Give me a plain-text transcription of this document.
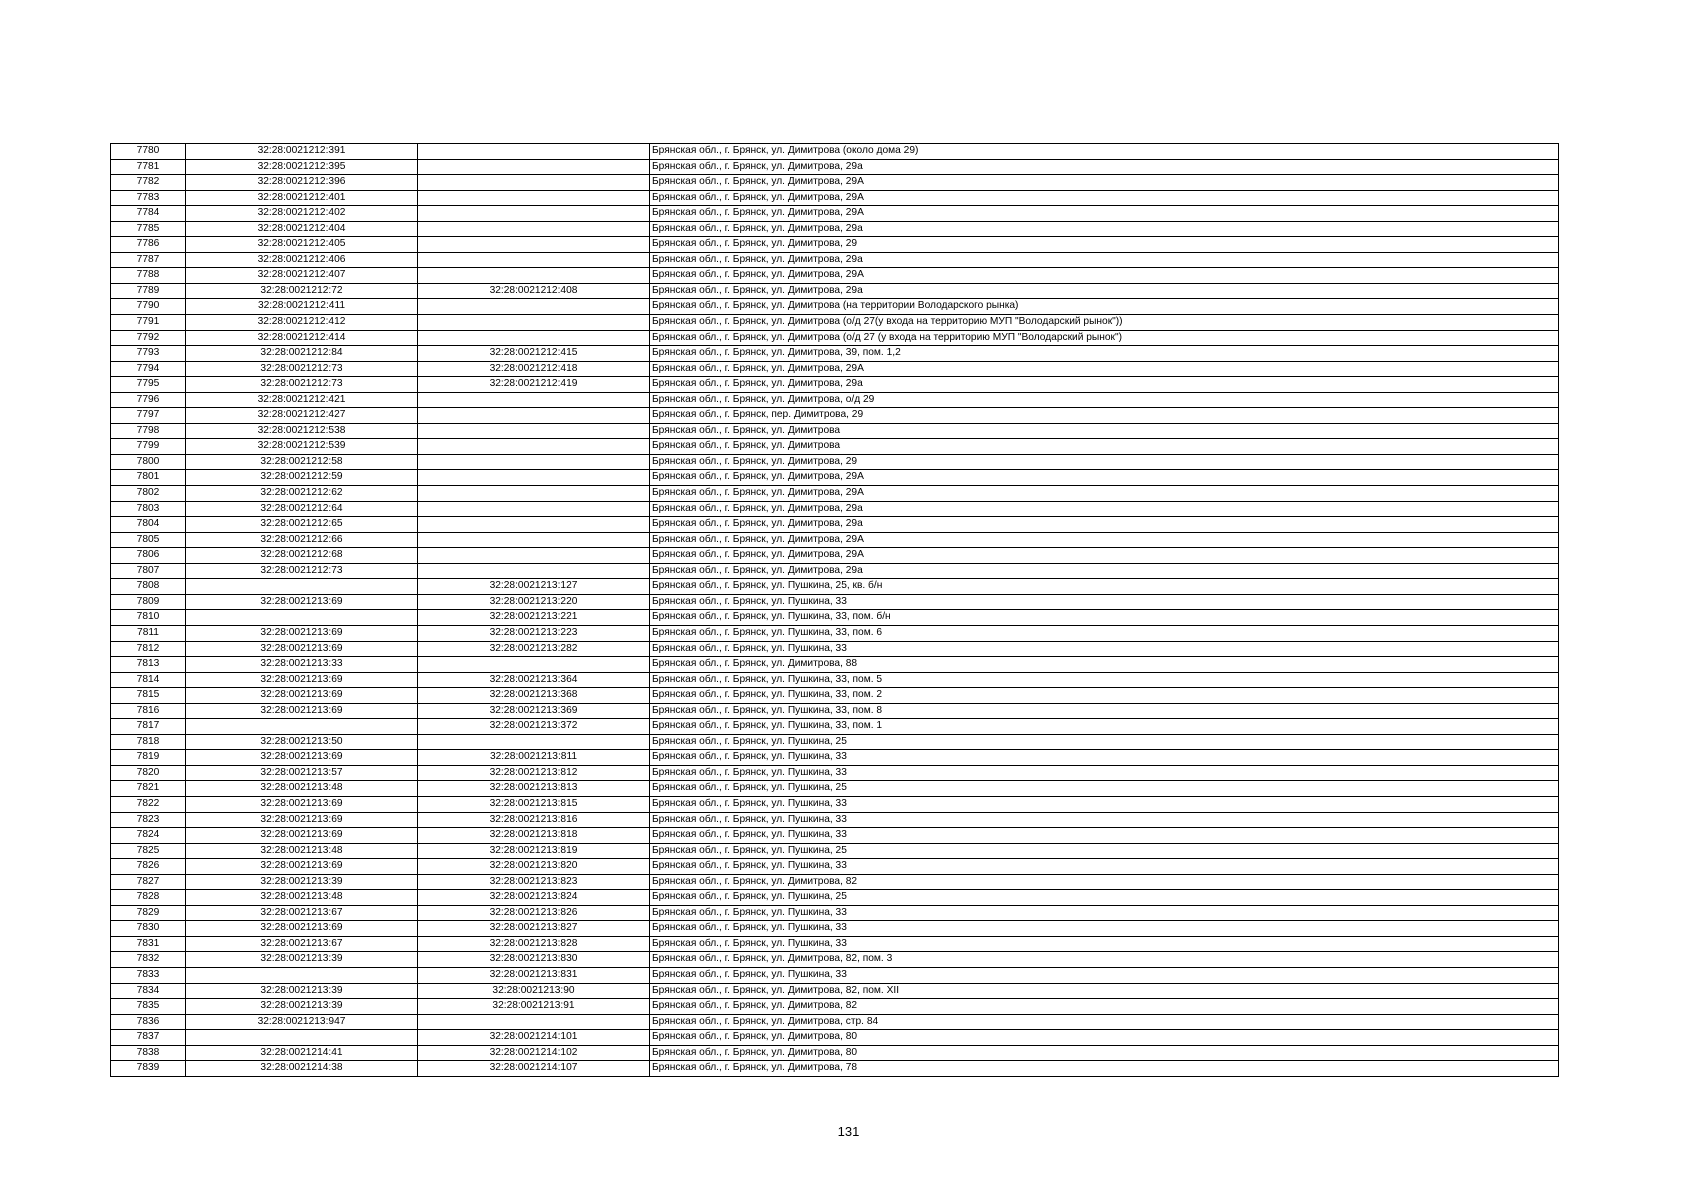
7780	32:28:0021212:391		Брянская обл., г. Брянск, ул. Димитрова (около дома 29)
7781	32:28:0021212:395		Брянская обл., г. Брянск, ул. Димитрова, 29а
7782	32:28:0021212:396		Брянская обл., г. Брянск, ул. Димитрова, 29А
7783	32:28:0021212:401		Брянская обл., г. Брянск, ул. Димитрова, 29А
7784	32:28:0021212:402		Брянская обл., г. Брянск, ул. Димитрова, 29А
7785	32:28:0021212:404		Брянская обл., г. Брянск, ул. Димитрова, 29а
7786	32:28:0021212:405		Брянская обл., г. Брянск, ул. Димитрова, 29
7787	32:28:0021212:406		Брянская обл., г. Брянск, ул. Димитрова, 29а
7788	32:28:0021212:407		Брянская обл., г. Брянск, ул. Димитрова, 29А
7789	32:28:0021212:72	32:28:0021212:408	Брянская обл., г. Брянск, ул. Димитрова, 29а
7790	32:28:0021212:411		Брянская обл., г. Брянск, ул. Димитрова (на территории Володарского рынка)
7791	32:28:0021212:412		Брянская обл., г. Брянск, ул. Димитрова (о/д 27(у входа на территорию МУП "Володарский рынок"))
7792	32:28:0021212:414		Брянская обл., г. Брянск, ул. Димитрова (о/д 27 (у входа на территорию МУП "Володарский рынок")
7793	32:28:0021212:84	32:28:0021212:415	Брянская обл., г. Брянск, ул. Димитрова, 39, пом. 1,2
7794	32:28:0021212:73	32:28:0021212:418	Брянская обл., г. Брянск, ул. Димитрова, 29А
7795	32:28:0021212:73	32:28:0021212:419	Брянская обл., г. Брянск, ул. Димитрова, 29а
7796	32:28:0021212:421		Брянская обл., г. Брянск, ул. Димитрова, о/д 29
7797	32:28:0021212:427		Брянская обл., г. Брянск, пер. Димитрова, 29
7798	32:28:0021212:538		Брянская обл., г. Брянск, ул. Димитрова
7799	32:28:0021212:539		Брянская обл., г. Брянск, ул. Димитрова
7800	32:28:0021212:58		Брянская обл., г. Брянск, ул. Димитрова, 29
7801	32:28:0021212:59		Брянская обл., г. Брянск, ул. Димитрова, 29А
7802	32:28:0021212:62		Брянская обл., г. Брянск, ул. Димитрова, 29А
7803	32:28:0021212:64		Брянская обл., г. Брянск, ул. Димитрова, 29а
7804	32:28:0021212:65		Брянская обл., г. Брянск, ул. Димитрова, 29а
7805	32:28:0021212:66		Брянская обл., г. Брянск, ул. Димитрова, 29А
7806	32:28:0021212:68		Брянская обл., г. Брянск, ул. Димитрова, 29А
7807	32:28:0021212:73		Брянская обл., г. Брянск, ул. Димитрова, 29а
7808		32:28:0021213:127	Брянская обл., г. Брянск, ул. Пушкина, 25, кв. б/н
7809	32:28:0021213:69	32:28:0021213:220	Брянская обл., г. Брянск, ул. Пушкина, 33
7810		32:28:0021213:221	Брянская обл., г. Брянск, ул. Пушкина, 33, пом. б/н
7811	32:28:0021213:69	32:28:0021213:223	Брянская обл., г. Брянск, ул. Пушкина, 33, пом. 6
7812	32:28:0021213:69	32:28:0021213:282	Брянская обл., г. Брянск, ул. Пушкина, 33
7813	32:28:0021213:33		Брянская обл., г. Брянск, ул. Димитрова, 88
7814	32:28:0021213:69	32:28:0021213:364	Брянская обл., г. Брянск, ул. Пушкина, 33, пом. 5
7815	32:28:0021213:69	32:28:0021213:368	Брянская обл., г. Брянск, ул. Пушкина, 33, пом. 2
7816	32:28:0021213:69	32:28:0021213:369	Брянская обл., г. Брянск, ул. Пушкина, 33, пом. 8
7817		32:28:0021213:372	Брянская обл., г. Брянск, ул. Пушкина, 33, пом. 1
7818	32:28:0021213:50		Брянская обл., г. Брянск, ул. Пушкина, 25
7819	32:28:0021213:69	32:28:0021213:811	Брянская обл., г. Брянск, ул. Пушкина, 33
7820	32:28:0021213:57	32:28:0021213:812	Брянская обл., г. Брянск, ул. Пушкина, 33
7821	32:28:0021213:48	32:28:0021213:813	Брянская обл., г. Брянск, ул. Пушкина, 25
7822	32:28:0021213:69	32:28:0021213:815	Брянская обл., г. Брянск, ул. Пушкина, 33
7823	32:28:0021213:69	32:28:0021213:816	Брянская обл., г. Брянск, ул. Пушкина, 33
7824	32:28:0021213:69	32:28:0021213:818	Брянская обл., г. Брянск, ул. Пушкина, 33
7825	32:28:0021213:48	32:28:0021213:819	Брянская обл., г. Брянск, ул. Пушкина, 25
7826	32:28:0021213:69	32:28:0021213:820	Брянская обл., г. Брянск, ул. Пушкина, 33
7827	32:28:0021213:39	32:28:0021213:823	Брянская обл., г. Брянск, ул. Димитрова, 82
7828	32:28:0021213:48	32:28:0021213:824	Брянская обл., г. Брянск, ул. Пушкина, 25
7829	32:28:0021213:67	32:28:0021213:826	Брянская обл., г. Брянск, ул. Пушкина, 33
7830	32:28:0021213:69	32:28:0021213:827	Брянская обл., г. Брянск, ул. Пушкина, 33
7831	32:28:0021213:67	32:28:0021213:828	Брянская обл., г. Брянск, ул. Пушкина, 33
7832	32:28:0021213:39	32:28:0021213:830	Брянская обл., г. Брянск, ул. Димитрова, 82, пом. 3
7833		32:28:0021213:831	Брянская обл., г. Брянск, ул. Пушкина, 33
7834	32:28:0021213:39	32:28:0021213:90	Брянская обл., г. Брянск, ул. Димитрова, 82, пом. XII
7835	32:28:0021213:39	32:28:0021213:91	Брянская обл., г. Брянск, ул. Димитрова, 82
7836	32:28:0021213:947		Брянская обл., г. Брянск, ул. Димитрова, стр. 84
7837		32:28:0021214:101	Брянская обл., г. Брянск, ул. Димитрова, 80
7838	32:28:0021214:41	32:28:0021214:102	Брянская обл., г. Брянск, ул. Димитрова, 80
7839	32:28:0021214:38	32:28:0021214:107	Брянская обл., г. Брянск, ул. Димитрова, 78
131
